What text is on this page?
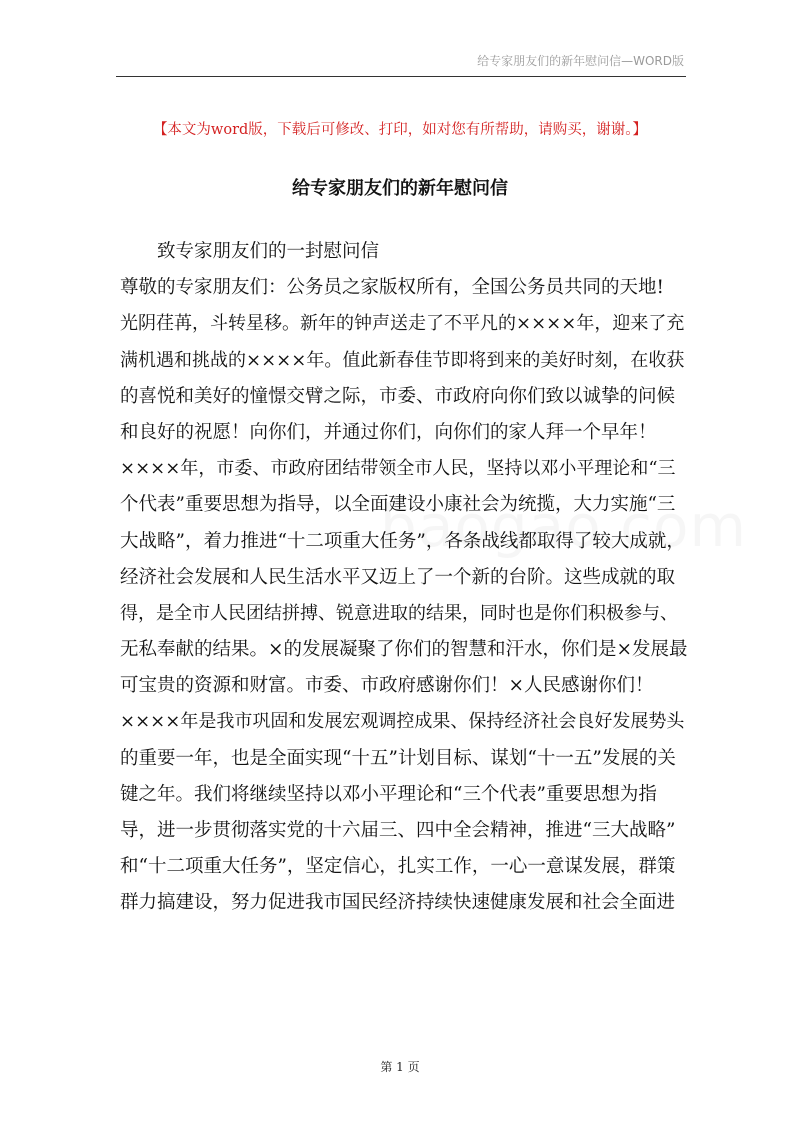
给专家朋友们的新年慰问信—WORD版
【本文为word版，下载后可修改、打印，如对您有所帮助，请购买，谢谢。】
给专家朋友们的新年慰问信
致专家朋友们的一封慰问信
尊敬的专家朋友们：公务员之家版权所有，全国公务员共同的天地!
光阴荏苒，斗转星移。新年的钟声送走了不平凡的××××年，迎来了充
满机遇和挑战的××××年。值此新春佳节即将到来的美好时刻，在收获
的喜悦和美好的憧憬交臂之际，市委、市政府向你们致以诚挚的问候
和良好的祝愿！向你们，并通过你们，向你们的家人拜一个早年！
××××年，市委、市政府团结带领全市人民，坚持以邓小平理论和“三
个代表”重要思想为指导，以全面建设小康社会为统揽，大力实施“三
大战略”，着力推进“十二项重大任务”，各条战线都取得了较大成就，
经济社会发展和人民生活水平又迈上了一个新的台阶。这些成就的取
得，是全市人民团结拼搏、锐意进取的结果，同时也是你们积极参与、
无私奉献的结果。×的发展凝聚了你们的智慧和汗水，你们是×发展最
可宝贵的资源和财富。市委、市政府感谢你们！×人民感谢你们！
××××年是我市巩固和发展宏观调控成果、保持经济社会良好发展势头
的重要一年，也是全面实现“十五”计划目标、谋划“十一五”发展的关
键之年。我们将继续坚持以邓小平理论和“三个代表”重要思想为指
导，进一步贯彻落实党的十六届三、四中全会精神，推进“三大战略”
和“十二项重大任务”，坚定信心，扎实工作，一心一意谋发展，群策
群力搞建设，努力促进我市国民经济持续快速健康发展和社会全面进
第 1 页
